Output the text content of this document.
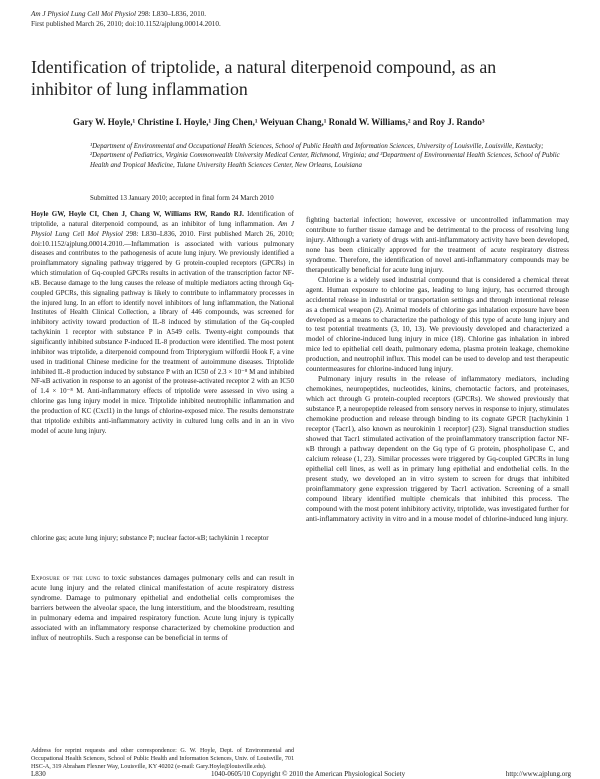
Am J Physiol Lung Cell Mol Physiol 298: L830–L836, 2010.
First published March 26, 2010; doi:10.1152/ajplung.00014.2010.
Identification of triptolide, a natural diterpenoid compound, as an inhibitor of lung inflammation
Gary W. Hoyle,¹ Christine I. Hoyle,¹ Jing Chen,¹ Weiyuan Chang,¹ Ronald W. Williams,² and Roy J. Rando³
¹Department of Environmental and Occupational Health Sciences, School of Public Health and Information Sciences, University of Louisville, Louisville, Kentucky; ²Department of Pediatrics, Virginia Commonwealth University Medical Center, Richmond, Virginia; and ³Department of Environmental Health Sciences, School of Public Health and Tropical Medicine, Tulane University Health Sciences Center, New Orleans, Louisiana
Submitted 13 January 2010; accepted in final form 24 March 2010

Hoyle GW, Hoyle CI, Chen J, Chang W, Williams RW, Rando RJ. Identification of triptolide, a natural diterpenoid compound, as an inhibitor of lung inflammation. Am J Physiol Lung Cell Mol Physiol 298: L830–L836, 2010. First published March 26, 2010; doi:10.1152/ajplung.00014.2010.—Inflammation is associated with various pulmonary diseases and contributes to the pathogenesis of acute lung injury. We previously identified a proinflammatory signaling pathway triggered by G protein-coupled receptors (GPCRs) in which stimulation of Gq-coupled GPCRs results in activation of the transcription factor NF-κB. Because damage to the lung causes the release of multiple mediators acting through Gq-coupled GPCRs, this signaling pathway is likely to contribute to inflammatory processes in the injured lung. In an effort to identify novel inhibitors of lung inflammation, the National Institutes of Health Clinical Collection, a library of 446 compounds, was screened for inhibitory activity toward production of IL-8 induced by stimulation of the Gq-coupled tachykinin 1 receptor with substance P in A549 cells. Twenty-eight compounds that significantly inhibited substance P-induced IL-8 production were identified. The most potent inhibitor was triptolide, a diterpenoid compound from Tripterygium wilfordii Hook F, a vine used in traditional Chinese medicine for the treatment of autoimmune diseases. Triptolide inhibited IL-8 production induced by substance P with an IC50 of 2.3 × 10⁻⁸ M and inhibited NF-κB activation in response to an agonist of the protease-activated receptor 2 with an IC50 of 1.4 × 10⁻⁸ M. Anti-inflammatory effects of triptolide were assessed in vivo using a chlorine gas lung injury model in mice. Triptolide inhibited neutrophilic inflammation and the production of KC (Cxcl1) in the lungs of chlorine-exposed mice. The results demonstrate that triptolide exhibits anti-inflammatory activity in cultured lung cells and in an in vivo model of acute lung injury.

chlorine gas; acute lung injury; substance P; nuclear factor-κB; tachykinin 1 receptor

Exposure of the lung to toxic substances damages pulmonary cells and can result in acute lung injury and the related clinical manifestation of acute respiratory distress syndrome. Damage to pulmonary epithelial and endothelial cells compromises the barriers between the alveolar space, the lung interstitium, and the bloodstream, resulting in pulmonary edema and impaired respiratory function. Acute lung injury is typically associated with an inflammatory response characterized by chemokine production and influx of neutrophils. Such a response can be beneficial in terms of

fighting bacterial infection; however, excessive or uncontrolled inflammation may contribute to further tissue damage and be detrimental to the process of resolving lung injury. Although a variety of drugs with anti-inflammatory activity have been developed, none has been clinically approved for the treatment of acute respiratory distress syndrome. Therefore, the identification of novel anti-inflammatory compounds may be therapeutically beneficial for acute lung injury.

Chlorine is a widely used industrial compound that is considered a chemical threat agent. Human exposure to chlorine gas, leading to lung injury, has occurred through accidental release in industrial or transportation settings and through intentional release as a chemical weapon (2). Animal models of chlorine gas inhalation exposure have been developed as a means to characterize the pathology of this type of acute lung injury and to test potential treatments (3, 10, 13). We previously developed and characterized a model of chlorine-induced lung injury in mice (18). Chlorine gas inhalation in inbred mice led to epithelial cell death, pulmonary edema, plasma protein leakage, chemokine production, and neutrophil influx. This model can be used to develop and test therapeutic countermeasures for chlorine-induced lung injury.

Pulmonary injury results in the release of inflammatory mediators, including chemokines, neuropeptides, nucleotides, kinins, chemotactic factors, and proteinases, which act through G protein-coupled receptors (GPCRs). We showed previously that substance P, a neuropeptide released from sensory nerves in response to injury, stimulates chemokine production and release through binding to its cognate GPCR [tachykinin 1 receptor (Tacr1), also known as neurokinin 1 receptor] (23). Signal transduction studies showed that Tacr1 stimulated activation of the proinflammatory transcription factor NF-κB through a pathway dependent on the Gq type of G protein, phospholipase C, and calcium release (1, 23). Similar processes were triggered by Gq-coupled GPCRs in lung epithelial cell lines, as well as in primary lung epithelial and endothelial cells. In the present study, we developed an in vitro system to screen for drugs that inhibited proinflammatory gene expression triggered by Tacr1 activation. Screening of a small compound library identified multiple chemicals that inhibited this process. The compound with the most potent inhibitory activity, triptolide, was investigated further for anti-inflammatory activity in vitro and in a mouse model of chlorine-induced lung injury.

Address for reprint requests and other correspondence: G. W. Hoyle, Dept. of Environmental and Occupational Health Sciences, School of Public Health and Information Sciences, Univ. of Louisville, 701 HSC-A, 319 Abraham Flexner Way, Louisville, KY 40202 (e-mail: Gary.Hoyle@louisville.edu).
L830	1040-0605/10 Copyright © 2010 the American Physiological Society	http://www.ajplung.org
